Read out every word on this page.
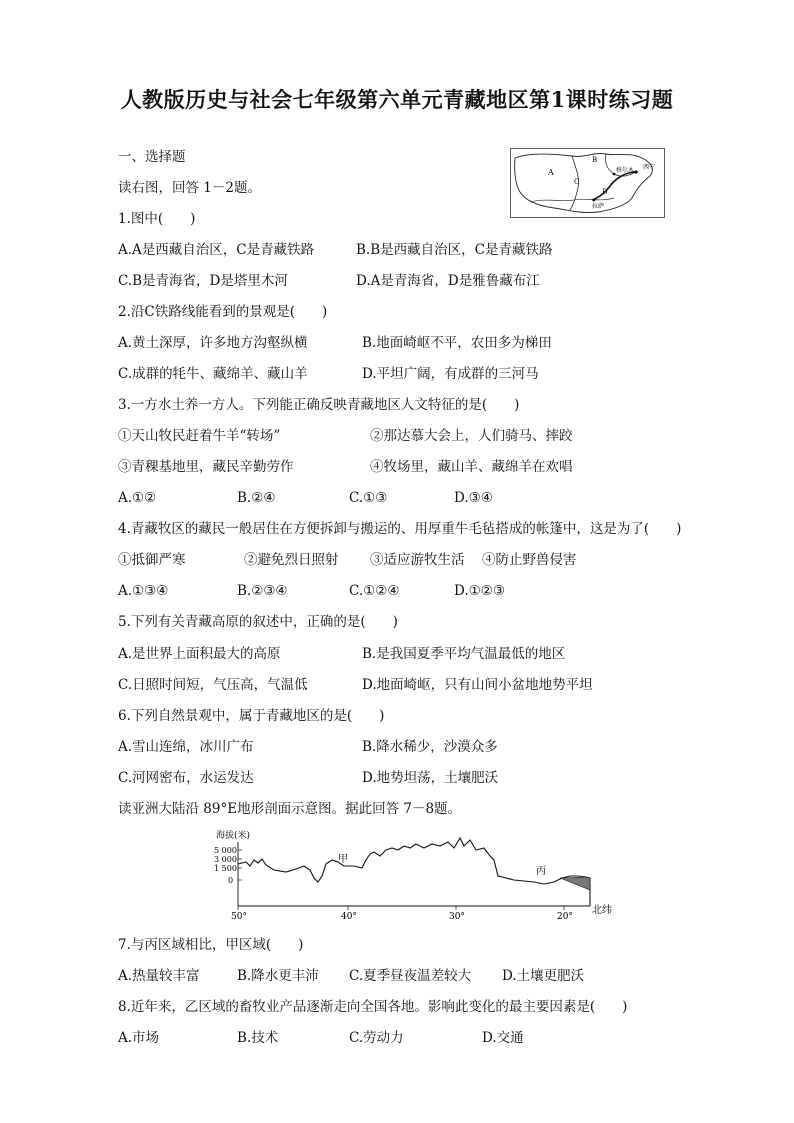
人教版历史与社会七年级第六单元青藏地区第1课时练习题
一、选择题
读右图，回答 1－2题。
A
B
C
D
西宁
格尔木
拉萨
1.图中(　　)
A.A是西藏自治区，C是青藏铁路	B.B是西藏自治区，C是青藏铁路
C.B是青海省，D是塔里木河	D.A是青海省，D是雅鲁藏布江
2.沿C铁路线能看到的景观是(　　)
A.黄土深厚，许多地方沟壑纵横	B.地面崎岖不平，农田多为梯田
C.成群的牦牛、藏绵羊、藏山羊	D.平坦广阔，有成群的三河马
3.一方水土养一方人。下列能正确反映青藏地区人文特征的是(　　)
①天山牧民赶着牛羊“转场”	②那达慕大会上，人们骑马、摔跤
③青稞基地里，藏民辛勤劳作	④牧场里，藏山羊、藏绵羊在欢唱
A.①②	B.②④	C.①③	D.③④
4.青藏牧区的藏民一般居住在方便拆卸与搬运的、用厚重牛毛毡搭成的帐篷中，这是为了(　　)
①抵御严寒	②避免烈日照射 ③适应游牧生活 ④防止野兽侵害
A.①③④	B.②③④	C.①②④	D.①②③
5.下列有关青藏高原的叙述中，正确的是(　　)
A.是世界上面积最大的高原	B.是我国夏季平均气温最低的地区
C.日照时间短，气压高，气温低	D.地面崎岖，只有山间小盆地地势平坦
6.下列自然景观中，属于青藏地区的是(　　)
A.雪山连绵，冰川广布	B.降水稀少，沙漠众多
C.河网密布，水运发达	D.地势坦荡，土壤肥沃
读亚洲大陆沿 89°E地形剖面示意图。据此回答 7－8题。
海拔(米)
5 000
3 000
1 500
0
甲
丙
50°	40°	30°	20°
北纬
7.与丙区域相比，甲区域(　　)
A.热量较丰富	B.降水更丰沛 C.夏季昼夜温差较大 D.土壤更肥沃
8.近年来，乙区域的畜牧业产品逐渐走向全国各地。影响此变化的最主要因素是(　　)
A.市场	B.技术	C.劳动力	D.交通
